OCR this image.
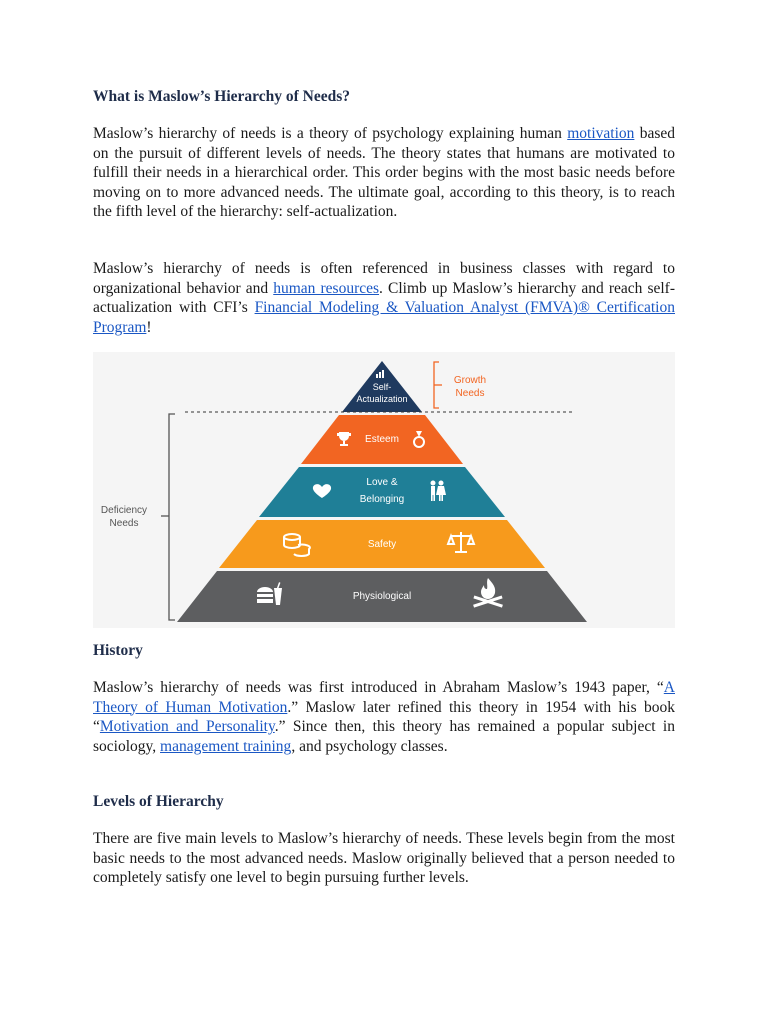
What is Maslow’s Hierarchy of Needs?

Maslow’s hierarchy of needs is a theory of psychology explaining human motivation based on the pursuit of different levels of needs. The theory states that humans are motivated to fulfill their needs in a hierarchical order. This order begins with the most basic needs before moving on to more advanced needs. The ultimate goal, according to this theory, is to reach the fifth level of the hierarchy: self-actualization.

Maslow’s hierarchy of needs is often referenced in business classes with regard to organizational behavior and human resources. Climb up Maslow’s hierarchy and reach self-actualization with CFI’s Financial Modeling & Valuation Analyst (FMVA)® Certification Program!

History

Maslow’s hierarchy of needs was first introduced in Abraham Maslow’s 1943 paper, “A Theory of Human Motivation.” Maslow later refined this theory in 1954 with his book “Motivation and Personality.” Since then, this theory has remained a popular subject in sociology, management training, and psychology classes.

Levels of Hierarchy

There are five main levels to Maslow’s hierarchy of needs. These levels begin from the most basic needs to the most advanced needs. Maslow originally believed that a person needed to completely satisfy one level to begin pursuing further levels.

Self-
Actualization
Esteem
Love &
Belonging
Safety
Physiological
Growth
Needs
Deficiency
Needs
